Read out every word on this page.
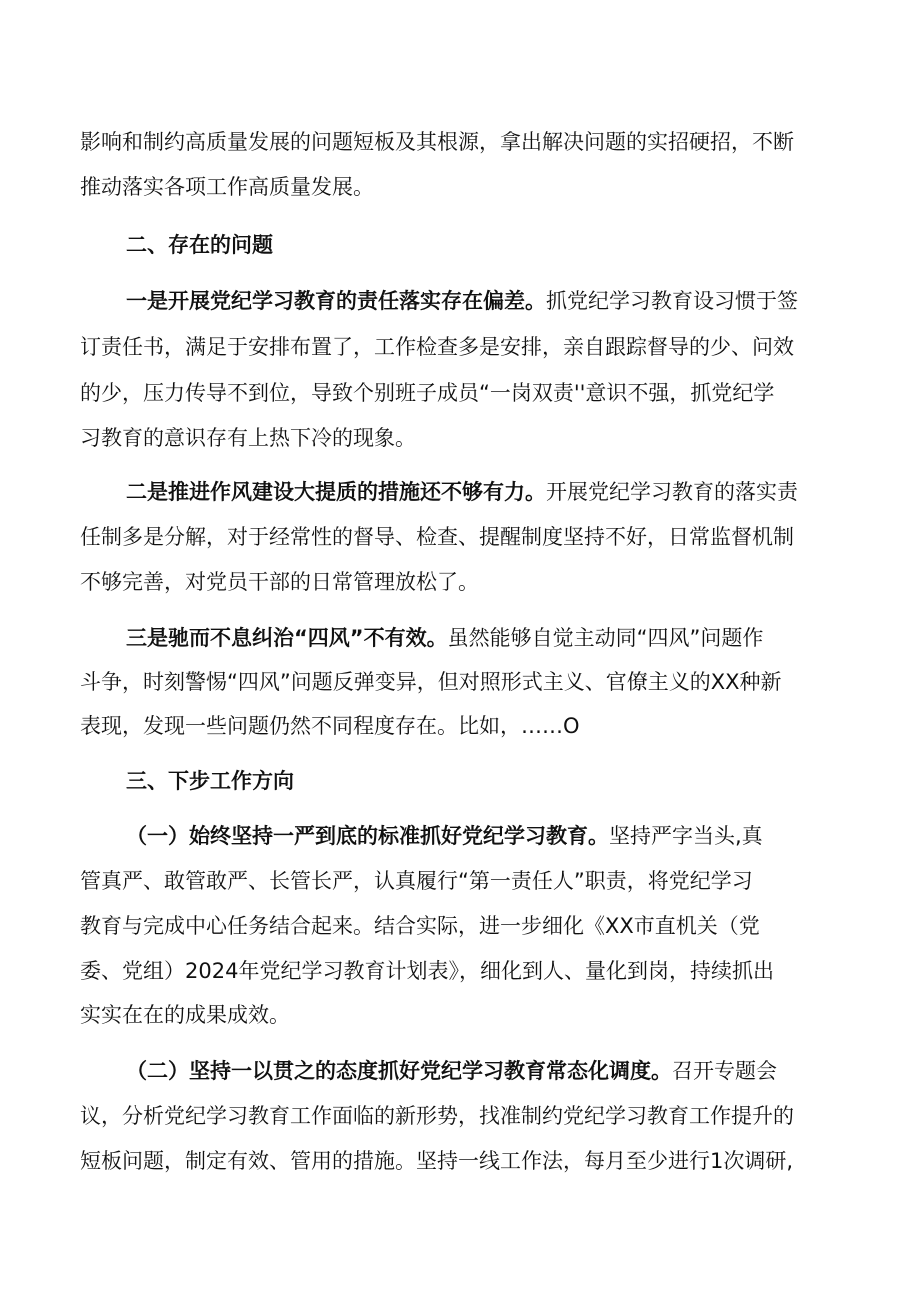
影响和制约高质量发展的问题短板及其根源，拿出解决问题的实招硬招，不断
推动落实各项工作高质量发展。
二、存在的问题
一是开展党纪学习教育的责任落实存在偏差。抓党纪学习教育设习惯于签
订责任书，满足于安排布置了，工作检查多是安排，亲自跟踪督导的少、问效
的少，压力传导不到位，导致个别班子成员“一岗双责''意识不强，抓党纪学
习教育的意识存有上热下冷的现象。
二是推进作风建设大提质的措施还不够有力。开展党纪学习教育的落实责
任制多是分解，对于经常性的督导、检查、提醒制度坚持不好，日常监督机制
不够完善，对党员干部的日常管理放松了。
三是驰而不息纠治“四风”不有效。虽然能够自觉主动同“四风”问题作
斗争，时刻警惕“四风”问题反弹变异，但对照形式主义、官僚主义的XX种新
表现，发现一些问题仍然不同程度存在。比如，……O
三、下步工作方向
（一）始终坚持一严到底的标准抓好党纪学习教育。坚持严字当头,真
管真严、敢管敢严、长管长严，认真履行“第一责任人”职责，将党纪学习
教育与完成中心任务结合起来。结合实际，进一步细化《XX市直机关（党
委、党组）2024年党纪学习教育计划表》，细化到人、量化到岗，持续抓出
实实在在的成果成效。
（二）坚持一以贯之的态度抓好党纪学习教育常态化调度。召开专题会
议，分析党纪学习教育工作面临的新形势，找准制约党纪学习教育工作提升的
短板问题，制定有效、管用的措施。坚持一线工作法，每月至少进行1次调研,
